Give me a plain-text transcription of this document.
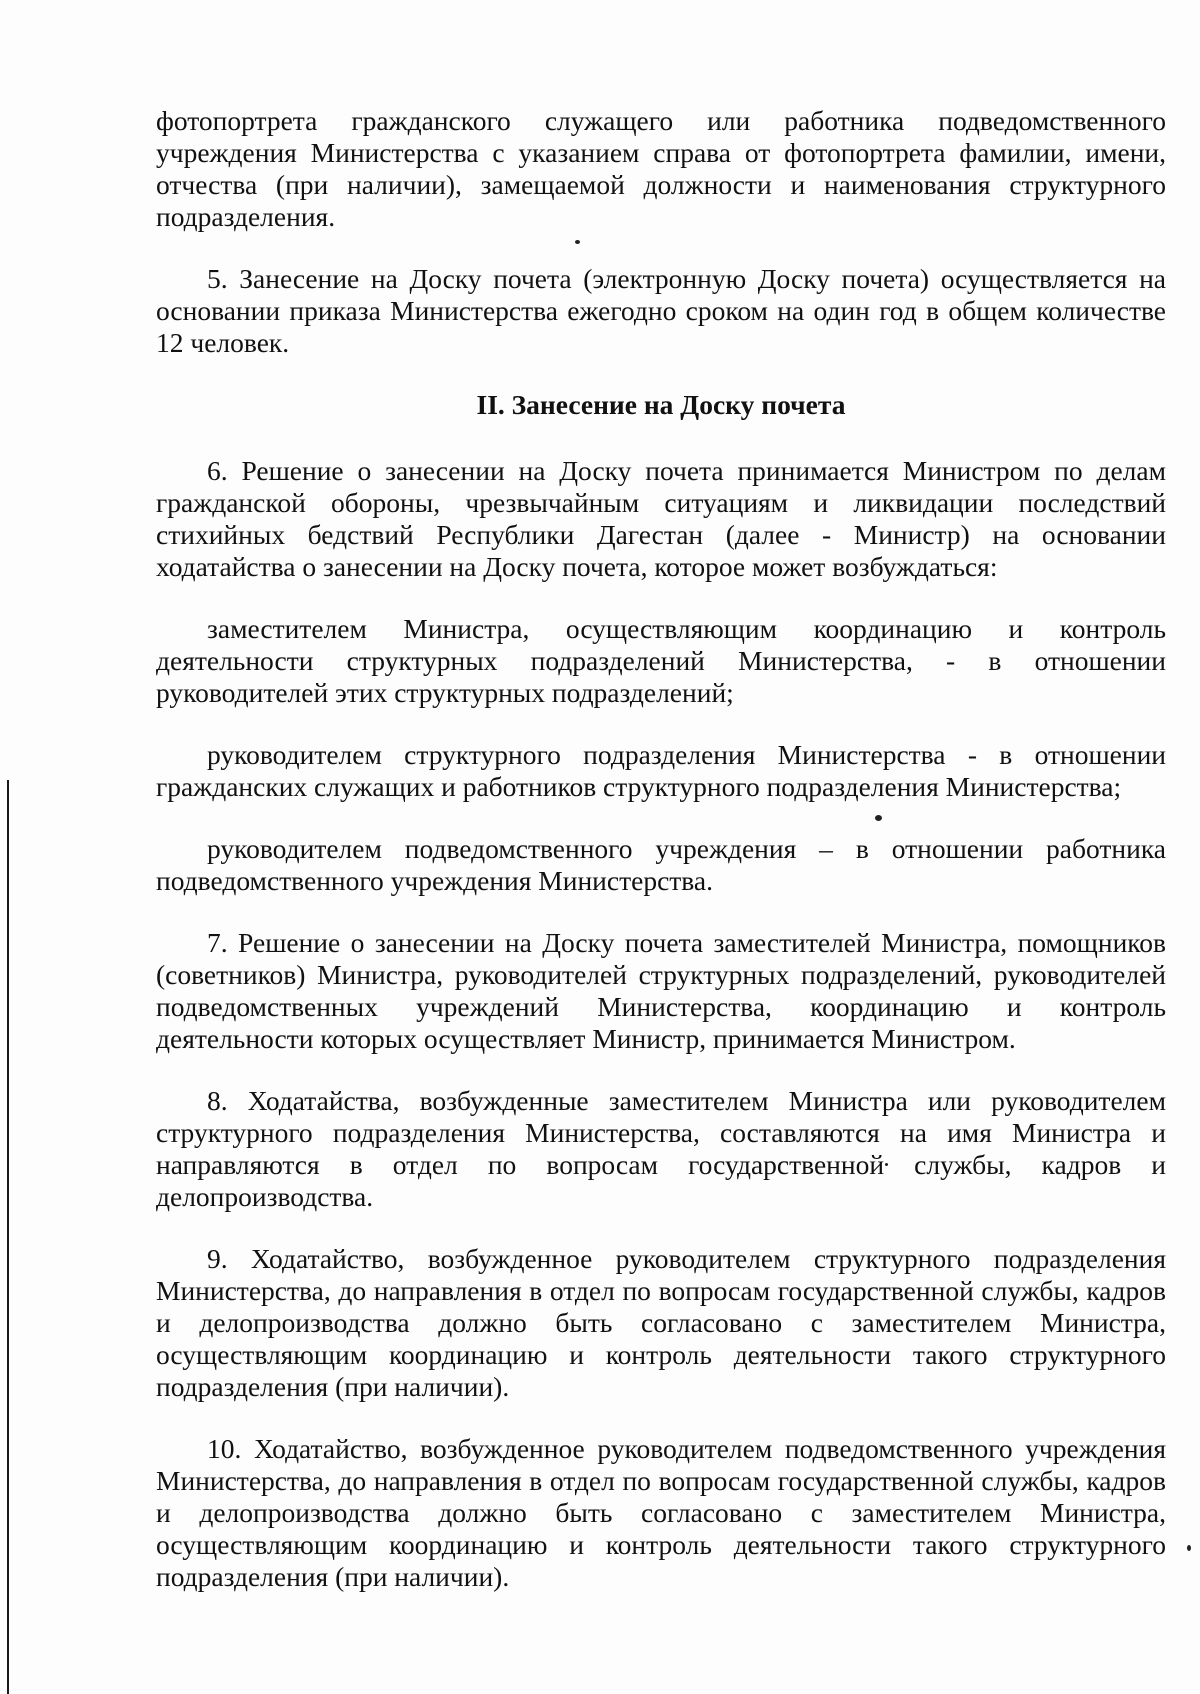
фотопортрета гражданского служащего или работника подведомственного учреждения Министерства с указанием справа от фотопортрета фамилии, имени, отчества (при наличии), замещаемой должности и наименования структурного подразделения.

5. Занесение на Доску почета (электронную Доску почета) осуществляется на основании приказа Министерства ежегодно сроком на один год в общем количестве 12 человек.

II. Занесение на Доску почета

6. Решение о занесении на Доску почета принимается Министром по делам гражданской обороны, чрезвычайным ситуациям и ликвидации последствий стихийных бедствий Республики Дагестан (далее - Министр) на основании ходатайства о занесении на Доску почета, которое может возбуждаться:

заместителем Министра, осуществляющим координацию и контроль деятельности структурных подразделений Министерства, - в отношении руководителей этих структурных подразделений;

руководителем структурного подразделения Министерства - в отношении гражданских служащих и работников структурного подразделения Министерства;

руководителем подведомственного учреждения – в отношении работника подведомственного учреждения Министерства.

7. Решение о занесении на Доску почета заместителей Министра, помощников (советников) Министра, руководителей структурных подразделений, руководителей подведомственных учреждений Министерства, координацию и контроль деятельности которых осуществляет Министр, принимается Министром.

8. Ходатайства, возбужденные заместителем Министра или руководителем структурного подразделения Министерства, составляются на имя Министра и направляются в отдел по вопросам государственной службы, кадров и делопроизводства.

9. Ходатайство, возбужденное руководителем структурного подразделения Министерства, до направления в отдел по вопросам государственной службы, кадров и делопроизводства должно быть согласовано с заместителем Министра, осуществляющим координацию и контроль деятельности такого структурного подразделения (при наличии).

10. Ходатайство, возбужденное руководителем подведомственного учреждения Министерства, до направления в отдел по вопросам государственной службы, кадров и делопроизводства должно быть согласовано с заместителем Министра, осуществляющим координацию и контроль деятельности такого структурного подразделения (при наличии).
